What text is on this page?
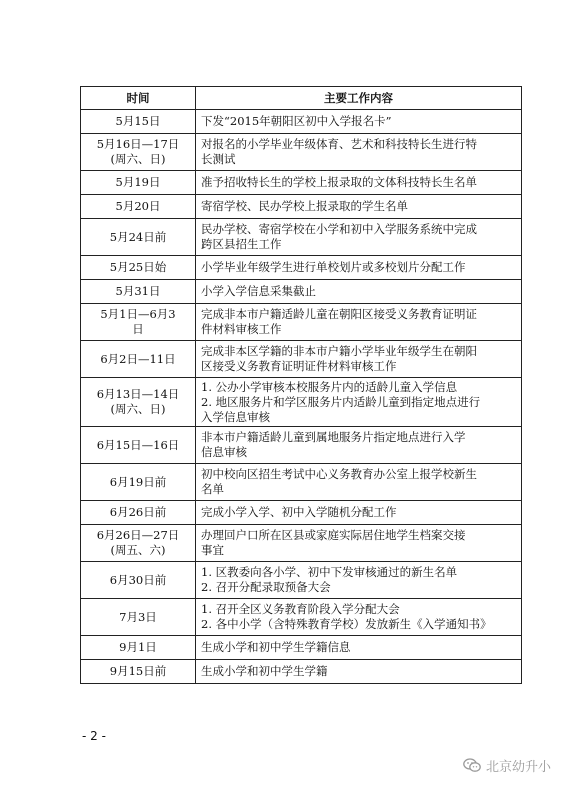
时间	主要工作内容

5月15日	下发“2015年朝阳区初中入学报名卡”

5月16日—17日
(周六、日)	对报名的小学毕业年级体育、艺术和科技特长生进行特
长测试

5月19日	准予招收特长生的学校上报录取的文体科技特长生名单

5月20日	寄宿学校、民办学校上报录取的学生名单

5月24日前	民办学校、寄宿学校在小学和初中入学服务系统中完成
跨区县招生工作

5月25日始	小学毕业年级学生进行单校划片或多校划片分配工作

5月31日	小学入学信息采集截止

5月1日—6月3
日	完成非本市户籍适龄儿童在朝阳区接受义务教育证明证
件材料审核工作

6月2日—11日	完成非本区学籍的非本市户籍小学毕业年级学生在朝阳
区接受义务教育证明证件材料审核工作

6月13日—14日
(周六、日)	1. 公办小学审核本校服务片内的适龄儿童入学信息
2. 地区服务片和学区服务片内适龄儿童到指定地点进行
入学信息审核

6月15日—16日	非本市户籍适龄儿童到属地服务片指定地点进行入学
信息审核

6月19日前	初中校向区招生考试中心义务教育办公室上报学校新生
名单

6月26日前	完成小学入学、初中入学随机分配工作

6月26日—27日
(周五、六)	办理回户口所在区县或家庭实际居住地学生档案交接
事宜

6月30日前	1. 区教委向各小学、初中下发审核通过的新生名单
2. 召开分配录取预备大会

7月3日	1. 召开全区义务教育阶段入学分配大会
2. 各中小学（含特殊教育学校）发放新生《入学通知书》

9月1日	生成小学和初中学生学籍信息

9月15日前	生成小学和初中学生学籍
- 2 -
北京幼升小
